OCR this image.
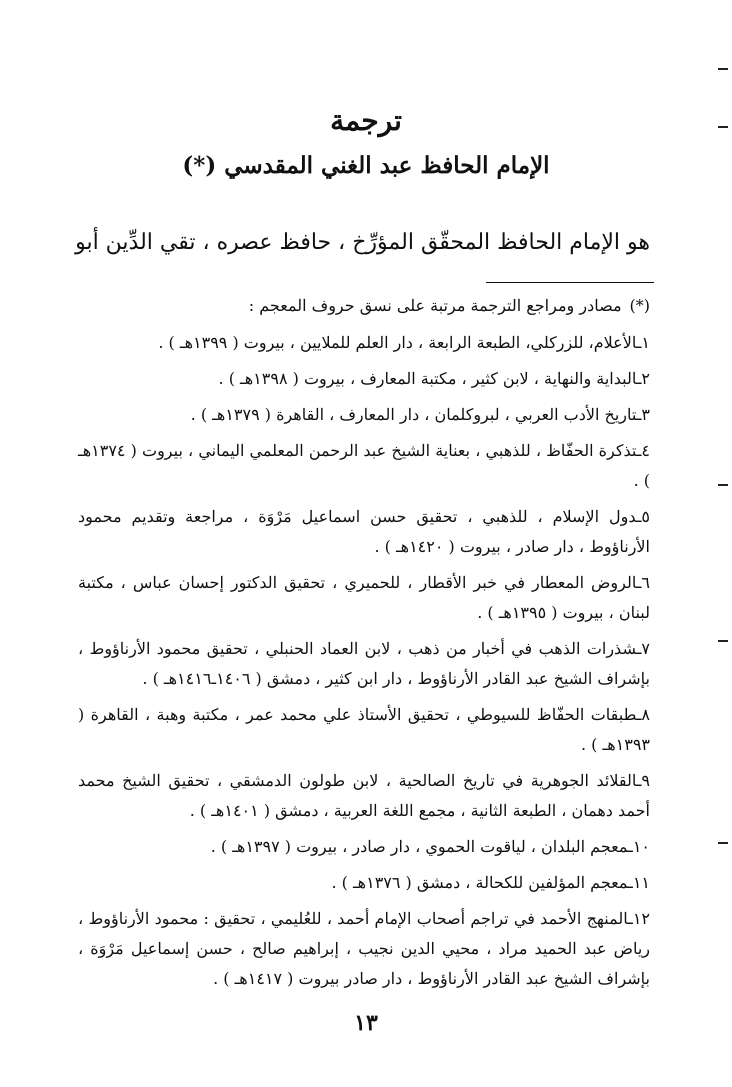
ترجمة
الإمام الحافظ عبد الغني المقدسي (*)

هو الإمام الحافظ المحقّق المؤرِّخ ، حافظ عصره ، تقي الدِّين أبو

(*)مصادر ومراجع الترجمة مرتبة على نسق حروف المعجم :

١ـالأعلام، للزركلي، الطبعة الرابعة ، دار العلم للملايين ، بيروت ( ١٣٩٩هـ ) .
٢ـالبداية والنهاية ، لابن كثير ، مكتبة المعارف ، بيروت ( ١٣٩٨هـ ) .
٣ـتاريخ الأدب العربي ، لبروكلمان ، دار المعارف ، القاهرة ( ١٣٧٩هـ ) .
٤ـتذكرة الحفّاظ ، للذهبي ، بعناية الشيخ عبد الرحمن المعلمي اليماني ، بيروت ( ١٣٧٤هـ ) .
٥ـدول الإسلام ، للذهبي ، تحقيق حسن اسماعيل مَرْوَة ، مراجعة وتقديم محمود الأرناؤوط ، دار صادر ، بيروت ( ١٤٢٠هـ ) .
٦ـالروض المعطار في خبر الأقطار ، للحميري ، تحقيق الدكتور إحسان عباس ، مكتبة لبنان ، بيروت ( ١٣٩٥هـ ) .
٧ـشذرات الذهب في أخبار من ذهب ، لابن العماد الحنبلي ، تحقيق محمود الأرناؤوط ، بإشراف الشيخ عبد القادر الأرناؤوط ، دار ابن كثير ، دمشق ( ١٤٠٦ـ١٤١٦هـ ) .
٨ـطبقات الحفّاظ للسيوطي ، تحقيق الأستاذ علي محمد عمر ، مكتبة وهبة ، القاهرة ( ١٣٩٣هـ ) .
٩ـالقلائد الجوهرية في تاريخ الصالحية ، لابن طولون الدمشقي ، تحقيق الشيخ محمد أحمد دهمان ، الطبعة الثانية ، مجمع اللغة العربية ، دمشق ( ١٤٠١هـ ) .
١٠ـمعجم البلدان ، لياقوت الحموي ، دار صادر ، بيروت ( ١٣٩٧هـ ) .
١١ـمعجم المؤلفين للكحالة ، دمشق ( ١٣٧٦هـ ) .
١٢ـالمنهج الأحمد في تراجم أصحاب الإمام أحمد ، للعُليمي ، تحقيق : محمود الأرناؤوط ، رياض عبد الحميد مراد ، محيي الدين نجيب ، إبراهيم صالح ، حسن إسماعيل مَرْوَة ، بإشراف الشيخ عبد القادر الأرناؤوط ، دار صادر بيروت ( ١٤١٧هـ ) .

١٣
